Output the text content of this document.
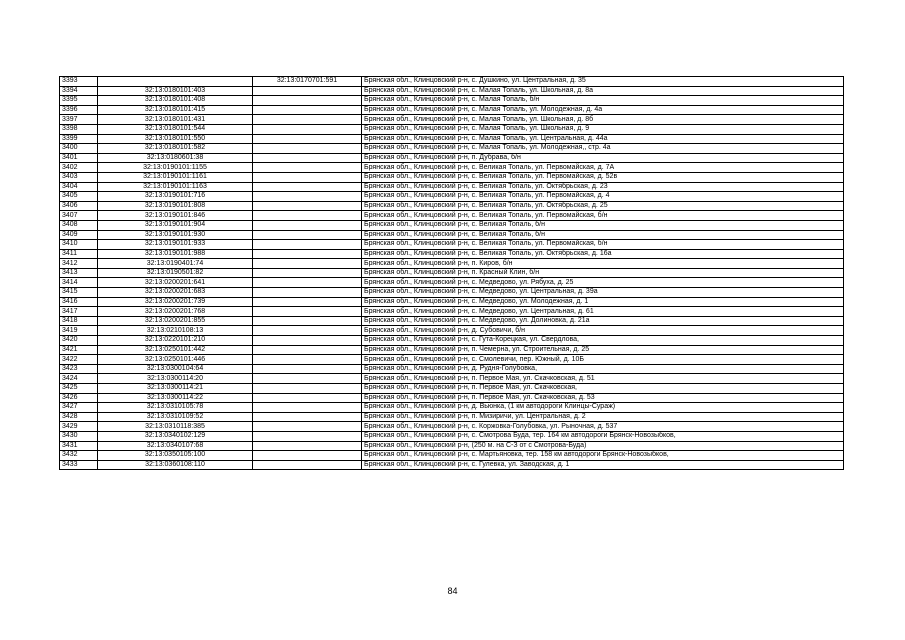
3393		32:13:0170701:591	Брянская обл., Клинцовский р-н, с. Душкино, ул. Центральная, д. 35
3394	32:13:0180101:403		Брянская обл., Клинцовский р-н, с. Малая Топаль, ул. Школьная, д. 8а
3395	32:13:0180101:408		Брянская обл., Клинцовский р-н, с. Малая Топаль, б/н
3396	32:13:0180101:415		Брянская обл., Клинцовский р-н, с. Малая Топаль, ул. Молодежная, д. 4а
3397	32:13:0180101:431		Брянская обл., Клинцовский р-н, с. Малая Топаль, ул. Школьная, д. 8б
3398	32:13:0180101:544		Брянская обл., Клинцовский р-н, с. Малая Топаль, ул. Школьная, д. 9
3399	32:13:0180101:550		Брянская обл., Клинцовский р-н, с. Малая Топаль, ул. Центральная, д. 44а
3400	32:13:0180101:582		Брянская обл., Клинцовский р-н, с. Малая Топаль, ул. Молодежная,, стр. 4а
3401	32:13:0180601:38		Брянская обл., Клинцовский р-н, п. Дубрава, б/н
3402	32:13:0190101:1155		Брянская обл., Клинцовский р-н, с. Великая Топаль, ул. Первомайская, д. 7А
3403	32:13:0190101:1161		Брянская обл., Клинцовский р-н, с. Великая Топаль, ул. Первомайская, д. 52в
3404	32:13:0190101:1163		Брянская обл., Клинцовский р-н, с. Великая Топаль, ул. Октябрьская, д. 23
3405	32:13:0190101:716		Брянская обл., Клинцовский р-н, с. Великая Топаль, ул. Первомайская, д. 4
3406	32:13:0190101:808		Брянская обл., Клинцовский р-н, с. Великая Топаль, ул. Октябрьская, д. 25
3407	32:13:0190101:846		Брянская обл., Клинцовский р-н, с. Великая Топаль, ул. Первомайская, б/н
3408	32:13:0190101:904		Брянская обл., Клинцовский р-н, с. Великая Топаль, б/н
3409	32:13:0190101:930		Брянская обл., Клинцовский р-н, с. Великая Топаль, б/н
3410	32:13:0190101:933		Брянская обл., Клинцовский р-н, с. Великая Топаль, ул. Первомайская, б/н
3411	32:13:0190101:988		Брянская обл., Клинцовский р-н, с. Великая Топаль, ул. Октябрьская, д. 16а
3412	32:13:0190401:74		Брянская обл., Клинцовский р-н, п. Киров, б/н
3413	32:13:0190501:82		Брянская обл., Клинцовский р-н, п. Красный Клин, б/н
3414	32:13:0200201:641		Брянская обл., Клинцовский р-н, с. Медведово, ул. Рябуха, д. 25
3415	32:13:0200201:683		Брянская обл., Клинцовский р-н, с. Медведово, ул. Центральная, д. 39а
3416	32:13:0200201:739		Брянская обл., Клинцовский р-н, с. Медведово, ул. Молодежная, д. 1
3417	32:13:0200201:768		Брянская обл., Клинцовский р-н, с. Медведово, ул. Центральная, д. 61
3418	32:13:0200201:855		Брянская обл., Клинцовский р-н, с. Медведово, ул. Долиновка, д. 21а
3419	32:13:0210108:13		Брянская обл., Клинцовский р-н, д. Субовичи, б/н
3420	32:13:0220101:210		Брянская обл., Клинцовский р-н, с. Гута-Корецкая, ул. Свердлова,
3421	32:13:0250101:442		Брянская обл., Клинцовский р-н, п. Чемерна, ул. Строительная, д. 25
3422	32:13:0250101:446		Брянская обл., Клинцовский р-н, с. Смолевичи, пер. Южный, д. 10Б
3423	32:13:0300104:64		Брянская обл., Клинцовский р-н, д. Рудня-Голубовка,
3424	32:13:0300114:20		Брянская обл., Клинцовский р-н, п. Первое Мая, ул. Скачковская, д. 51
3425	32:13:0300114:21		Брянская обл., Клинцовский р-н, п. Первое Мая, ул. Скачковская,
3426	32:13:0300114:22		Брянская обл., Клинцовский р-н, п. Первое Мая, ул. Скачковская, д. 53
3427	32:13:0310105:78		Брянская обл., Клинцовский р-н, д. Вьюнка, (1 км автодороги Клинцы-Сураж)
3428	32:13:0310109:52		Брянская обл., Клинцовский р-н, п. Мизиричи, ул. Центральная, д. 2
3429	32:13:0310118:385		Брянская обл., Клинцовский р-н, с. Коржовка-Голубовка, ул. Рыночная, д. 537
3430	32:13:0340102:129		Брянская обл., Клинцовский р-н, с. Смотрова Буда, тер. 164 км автодороги Брянск-Новозыбков,
3431	32:13:0340107:68		Брянская обл., Клинцовский р-н, (250 м. на С-З от с Смотрова-Буда)
3432	32:13:0350105:100		Брянская обл., Клинцовский р-н, с. Мартьяновка, тер. 158 км автодороги Брянск-Новозыбков,
3433	32:13:0360108:110		Брянская обл., Клинцовский р-н, с. Гулевка, ул. Заводская, д. 1
84
